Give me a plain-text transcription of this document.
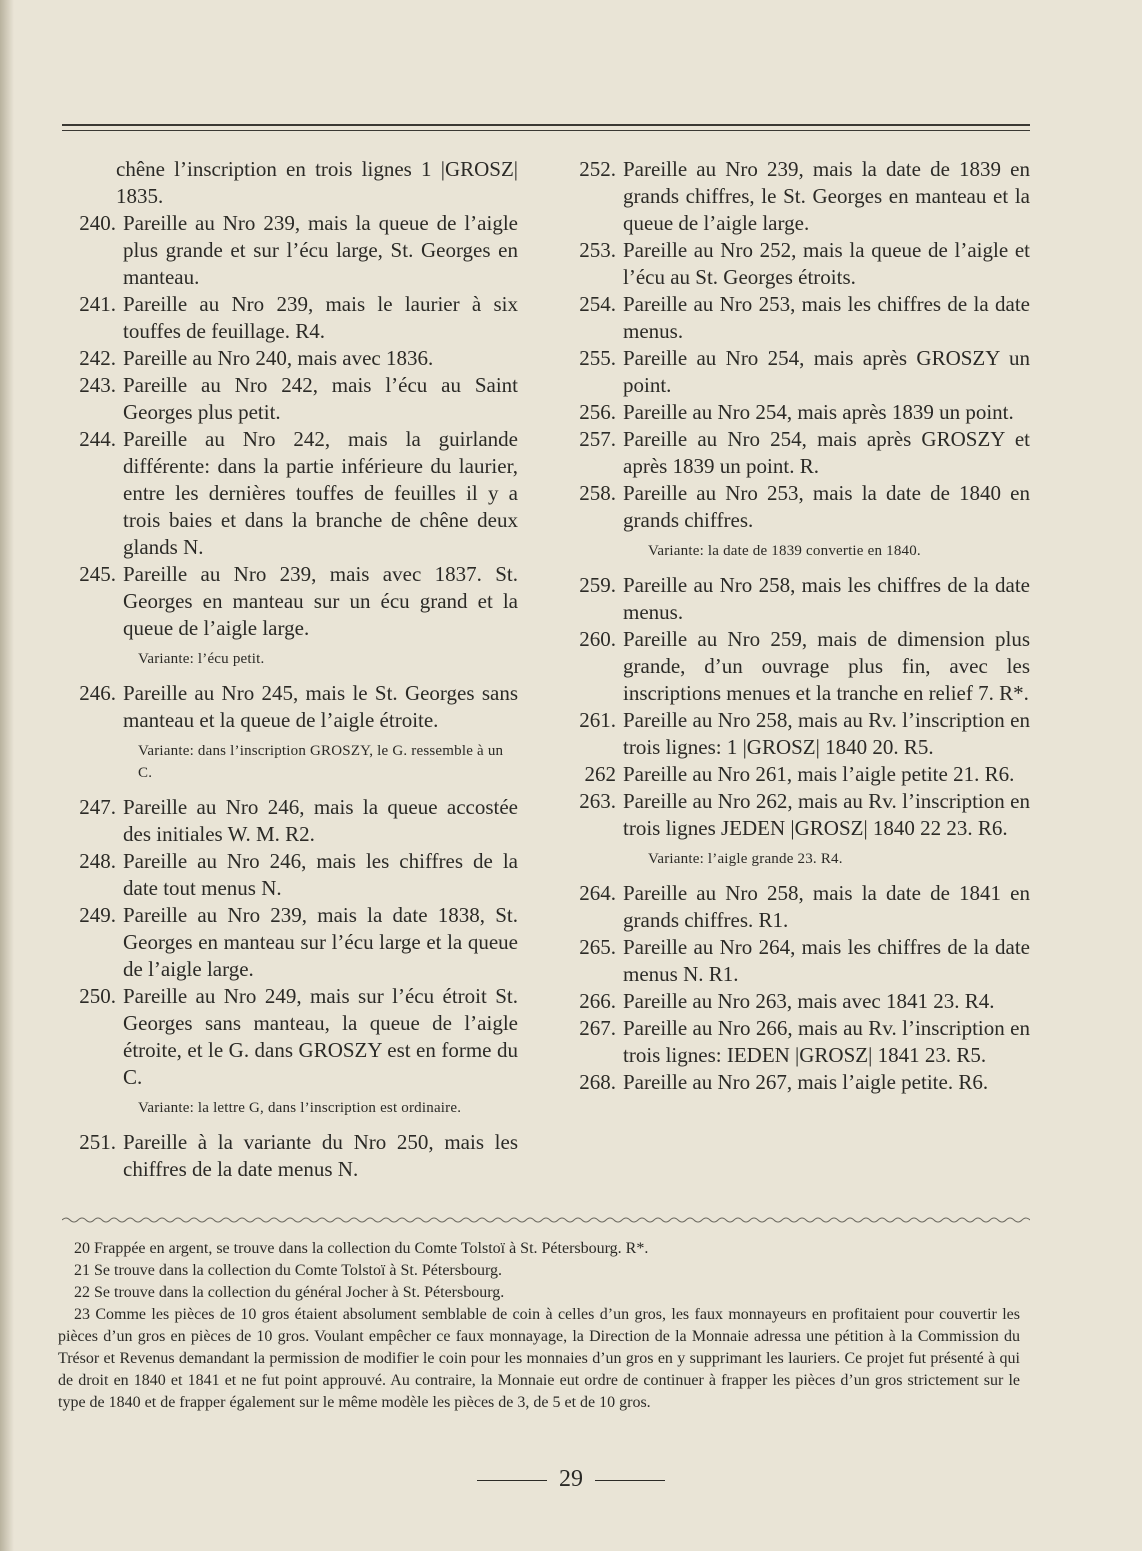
chêne l’inscription en trois lignes 1 |GROSZ| 1835.
240. Pareille au Nro 239, mais la queue de l’aigle plus grande et sur l’écu large, St. Georges en manteau.
241. Pareille au Nro 239, mais le laurier à six touffes de feuillage. R4.
242. Pareille au Nro 240, mais avec 1836.
243. Pareille au Nro 242, mais l’écu au Saint Georges plus petit.
244. Pareille au Nro 242, mais la guirlande différente: dans la partie inférieure du laurier, entre les dernières touffes de feuilles il y a trois baies et dans la branche de chêne deux glands N.
245. Pareille au Nro 239, mais avec 1837. St. Georges en manteau sur un écu grand et la queue de l’aigle large.
Variante: l’écu petit.
246. Pareille au Nro 245, mais le St. Georges sans manteau et la queue de l’aigle étroite.
Variante: dans l’inscription GROSZY, le G. ressemble à un C.
247. Pareille au Nro 246, mais la queue accostée des initiales W. M. R2.
248. Pareille au Nro 246, mais les chiffres de la date tout menus N.
249. Pareille au Nro 239, mais la date 1838, St. Georges en manteau sur l’écu large et la queue de l’aigle large.
250. Pareille au Nro 249, mais sur l’écu étroit St. Georges sans manteau, la queue de l’aigle étroite, et le G. dans GROSZY est en forme du C.
Variante: la lettre G, dans l’inscription est ordinaire.
251. Pareille à la variante du Nro 250, mais les chiffres de la date menus N.
252. Pareille au Nro 239, mais la date de 1839 en grands chiffres, le St. Georges en manteau et la queue de l’aigle large.
253. Pareille au Nro 252, mais la queue de l’aigle et l’écu au St. Georges étroits.
254. Pareille au Nro 253, mais les chiffres de la date menus.
255. Pareille au Nro 254, mais après GROSZY un point.
256. Pareille au Nro 254, mais après 1839 un point.
257. Pareille au Nro 254, mais après GROSZY et après 1839 un point. R.
258. Pareille au Nro 253, mais la date de 1840 en grands chiffres.
Variante: la date de 1839 convertie en 1840.
259. Pareille au Nro 258, mais les chiffres de la date menus.
260. Pareille au Nro 259, mais de dimension plus grande, d’un ouvrage plus fin, avec les inscriptions menues et la tranche en relief 7. R*.
261. Pareille au Nro 258, mais au Rv. l’inscription en trois lignes: 1 |GROSZ| 1840 20. R5.
262 Pareille au Nro 261, mais l’aigle petite 21. R6.
263. Pareille au Nro 262, mais au Rv. l’inscription en trois lignes JEDEN |GROSZ| 1840 22 23. R6.
Variante: l’aigle grande 23. R4.
264. Pareille au Nro 258, mais la date de 1841 en grands chiffres. R1.
265. Pareille au Nro 264, mais les chiffres de la date menus N. R1.
266. Pareille au Nro 263, mais avec 1841 23. R4.
267. Pareille au Nro 266, mais au Rv. l’inscription en trois lignes: IEDEN |GROSZ| 1841 23. R5.
268. Pareille au Nro 267, mais l’aigle petite. R6.

20 Frappée en argent, se trouve dans la collection du Comte Tolstoï à St. Pétersbourg. R*.

21 Se trouve dans la collection du Comte Tolstoï à St. Pétersbourg.

22 Se trouve dans la collection du général Jocher à St. Pétersbourg.

23 Comme les pièces de 10 gros étaient absolument semblable de coin à celles d’un gros, les faux monnayeurs en profitaient pour couvertir les pièces d’un gros en pièces de 10 gros. Voulant empêcher ce faux monnayage, la Direction de la Monnaie adressa une pétition à la Commission du Trésor et Revenus demandant la permission de modifier le coin pour les monnaies d’un gros en y supprimant les lauriers. Ce projet fut présenté à qui de droit en 1840 et 1841 et ne fut point approuvé. Au contraire, la Monnaie eut ordre de continuer à frapper les pièces d’un gros strictement sur le type de 1840 et de frapper également sur le même modèle les pièces de 3, de 5 et de 10 gros.

29
